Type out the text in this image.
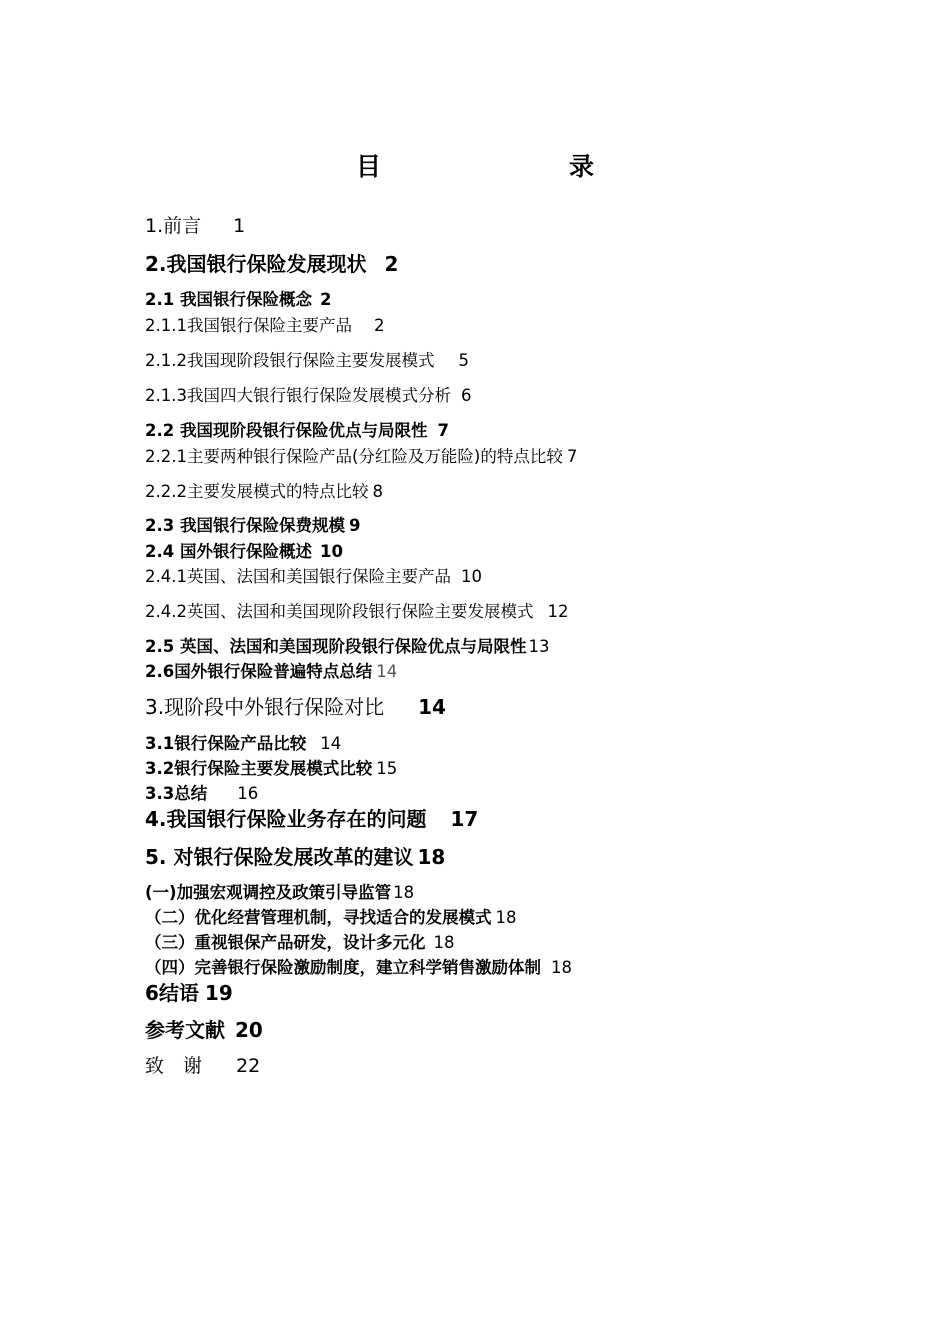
目　　录
1.前言 1
2.我国银行保险发展现状 2
2.1 我国银行保险概念 2
2.1.1我国银行保险主要产品 2
2.1.2我国现阶段银行保险主要发展模式 5
2.1.3我国四大银行银行保险发展模式分析 6
2.2 我国现阶段银行保险优点与局限性 7
2.2.1主要两种银行保险产品(分红险及万能险)的特点比较 7
2.2.2主要发展模式的特点比较 8
2.3 我国银行保险保费规模 9
2.4 国外银行保险概述 10
2.4.1英国、法国和美国银行保险主要产品 10
2.4.2英国、法国和美国现阶段银行保险主要发展模式 12
2.5 英国、法国和美国现阶段银行保险优点与局限性 13
2.6国外银行保险普遍特点总结 14
3.现阶段中外银行保险对比 14
3.1银行保险产品比较 14
3.2银行保险主要发展模式比较 15
3.3总结 16
4.我国银行保险业务存在的问题 17
5. 对银行保险发展改革的建议 18
(一)加强宏观调控及政策引导监管 18
（二）优化经营管理机制，寻找适合的发展模式 18
（三）重视银保产品研发，设计多元化 18
（四）完善银行保险激励制度，建立科学销售激励体制 18
6结语 19
参考文献 20
致　谢 22
